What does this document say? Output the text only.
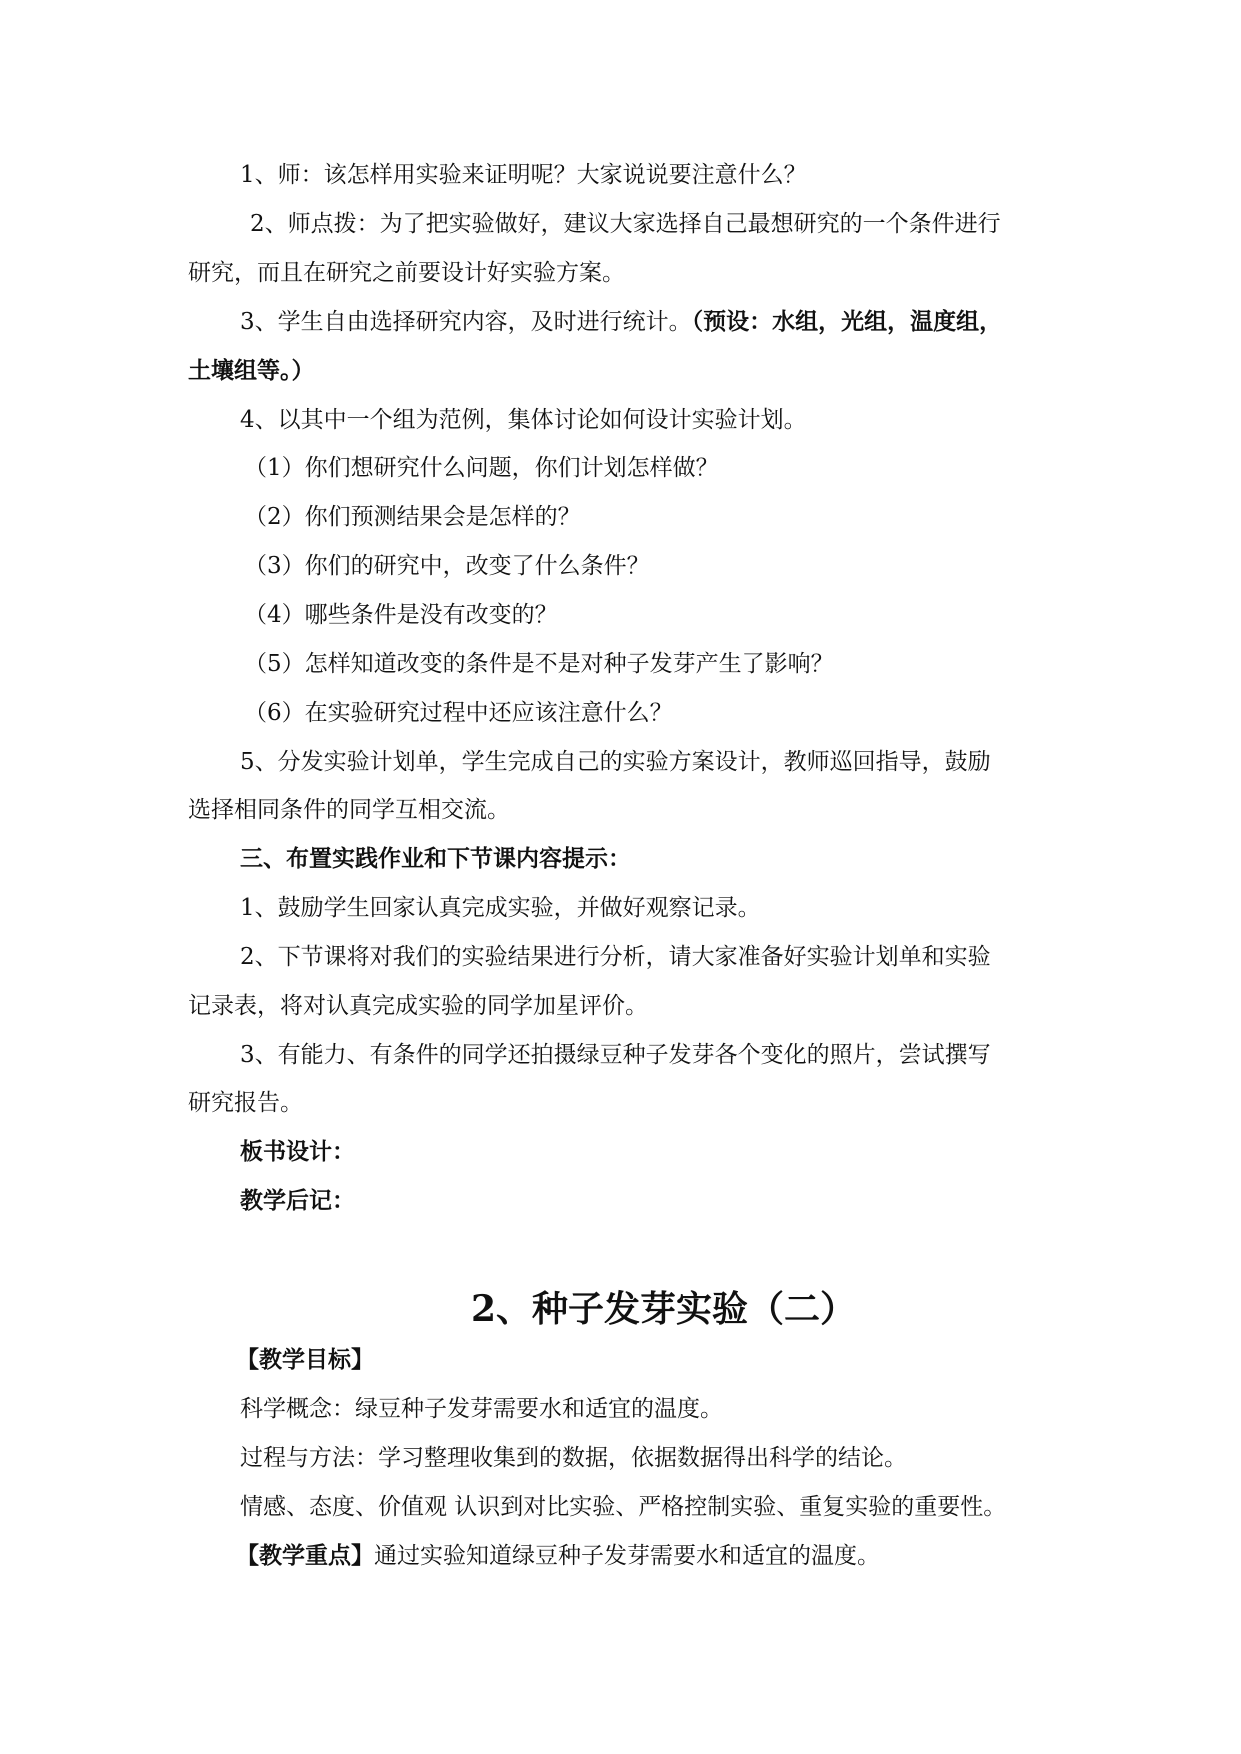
1、师：该怎样用实验来证明呢？大家说说要注意什么？

2、师点拨：为了把实验做好，建议大家选择自己最想研究的一个条件进行

研究，而且在研究之前要设计好实验方案。

3、学生自由选择研究内容，及时进行统计。（预设：水组，光组，温度组，

土壤组等。）

4、以其中一个组为范例，集体讨论如何设计实验计划。

（1）你们想研究什么问题，你们计划怎样做？

（2）你们预测结果会是怎样的？

（3）你们的研究中，改变了什么条件？

（4）哪些条件是没有改变的？

（5）怎样知道改变的条件是不是对种子发芽产生了影响？

（6）在实验研究过程中还应该注意什么？

5、分发实验计划单，学生完成自己的实验方案设计，教师巡回指导，鼓励

选择相同条件的同学互相交流。

三、布置实践作业和下节课内容提示：

1、鼓励学生回家认真完成实验，并做好观察记录。

2、下节课将对我们的实验结果进行分析，请大家准备好实验计划单和实验

记录表，将对认真完成实验的同学加星评价。

3、有能力、有条件的同学还拍摄绿豆种子发芽各个变化的照片，尝试撰写

研究报告。

板书设计：

教学后记：

2、种子发芽实验（二）

【教学目标】

科学概念：绿豆种子发芽需要水和适宜的温度。

过程与方法：学习整理收集到的数据，依据数据得出科学的结论。

情感、态度、价值观 认识到对比实验、严格控制实验、重复实验的重要性。

【教学重点】通过实验知道绿豆种子发芽需要水和适宜的温度。
